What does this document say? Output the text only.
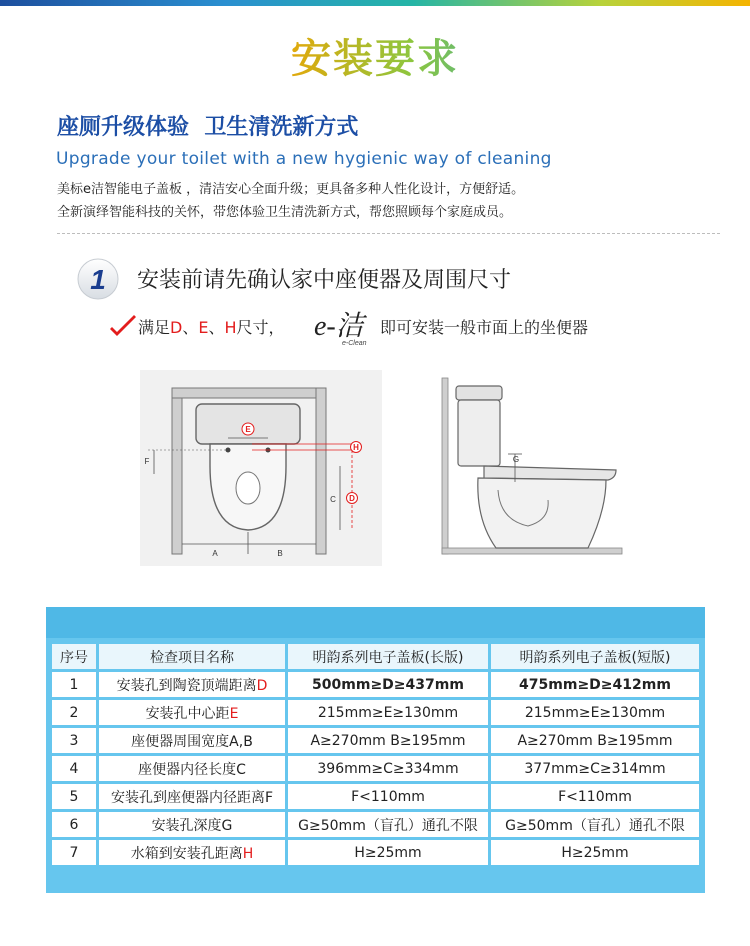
安装要求
座厕升级体验  卫生清洗新方式
Upgrade your toilet with a new hygienic way of cleaning
美标e洁智能电子盖板 ，清洁安心全面升级；更具备多种人性化设计，方便舒适。
全新演绎智能科技的关怀，带您体验卫生清洗新方式，帮您照顾每个家庭成员。
1 安装前请先确认家中座便器及周围尺寸
满足D、E、H尺寸， e-洁
e-Clean
即可安装一般市面上的坐便器
E
H
D
C
F
A	B
G
序号	检查项目名称	明韵系列电子盖板(长版)	明韵系列电子盖板(短版)
1	安装孔到陶瓷顶端距离D	500mm≥D≥437mm	475mm≥D≥412mm
2	安装孔中心距E	215mm≥E≥130mm	215mm≥E≥130mm
3	座便器周围宽度A,B	A≥270mm B≥195mm	A≥270mm B≥195mm
4	座便器内径长度C	396mm≥C≥334mm	377mm≥C≥314mm
5	安装孔到座便器内径距离F	F<110mm	F<110mm
6	安装孔深度G	G≥50mm（盲孔）通孔不限	G≥50mm（盲孔）通孔不限
7	水箱到安装孔距离H	H≥25mm	H≥25mm
